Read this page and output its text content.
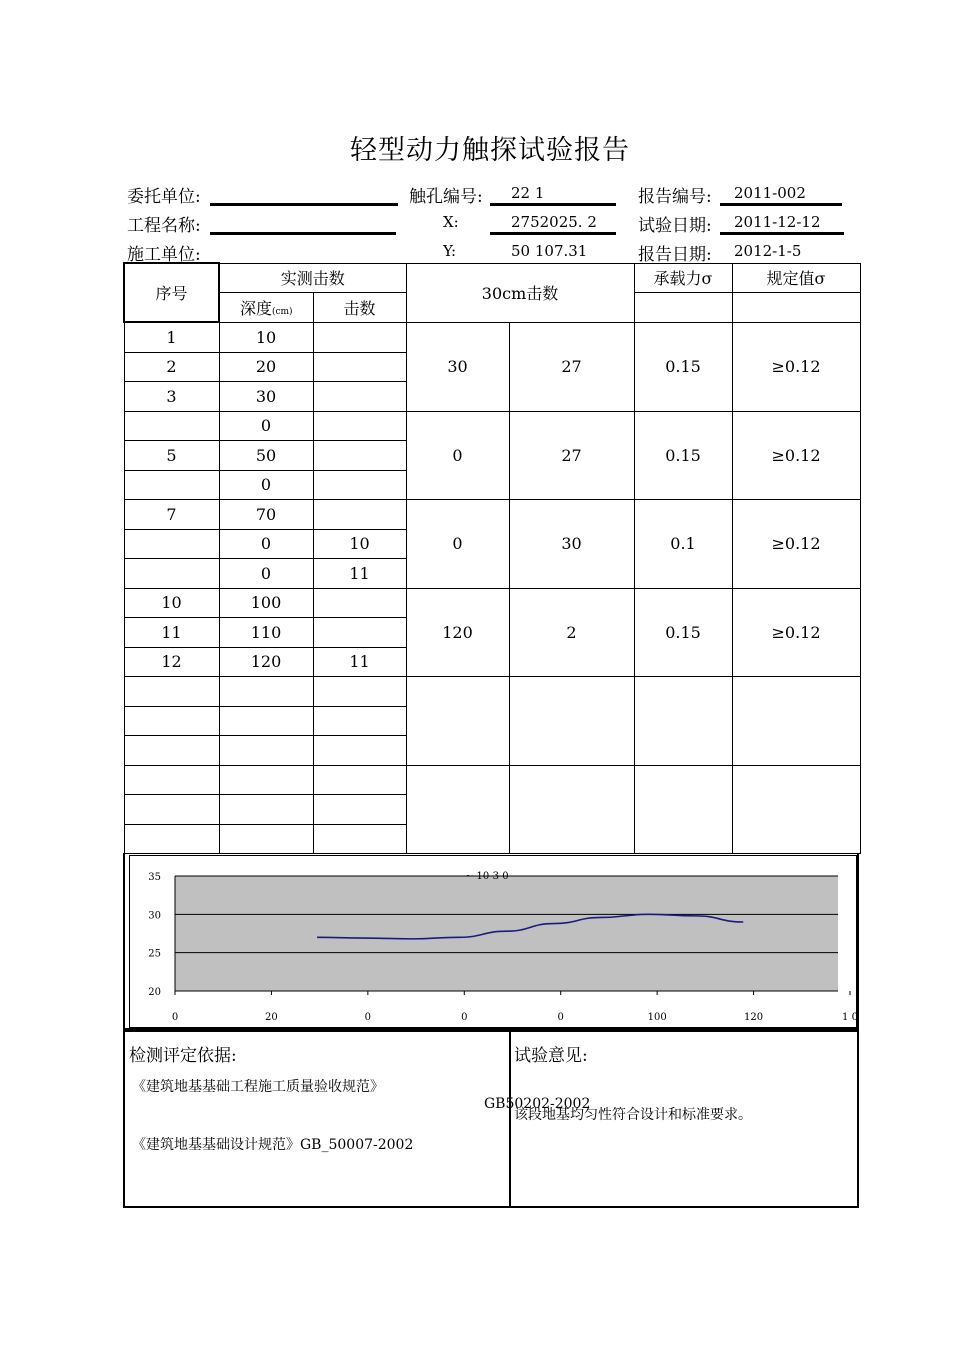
轻型动力触探试验报告
委托单位:
工程名称:
施工单位:
触孔编号: 22 1
X:	2752025. 2
Y:	50 107.31
报告编号: 2011-002
试验日期: 2011-12-12
报告日期: 2012-1-5
序号	实测击数		30cm击数		承载力σ	规定值σ
	深度(cm)	击数				
1	10		30	27	0.15	≥0.12
2	20					
3	30					
	0		0	27	0.15	≥0.12
5	50					
	0					
7	70		0	30	0.1	≥0.12
	0	10				
	0	11				
10	100		120	2	0.15	≥0.12
11	110					
12	120	11				

35
30
25
20
0	20	0	0	0	100	120	1 0
~ 10-3 0
检测评定依据:
《建筑地基基础工程施工质量验收规范》
GB50202-2002
《建筑地基基础设计规范》GB_50007-2002
试验意见:
该段地基均匀性符合设计和标准要求。
